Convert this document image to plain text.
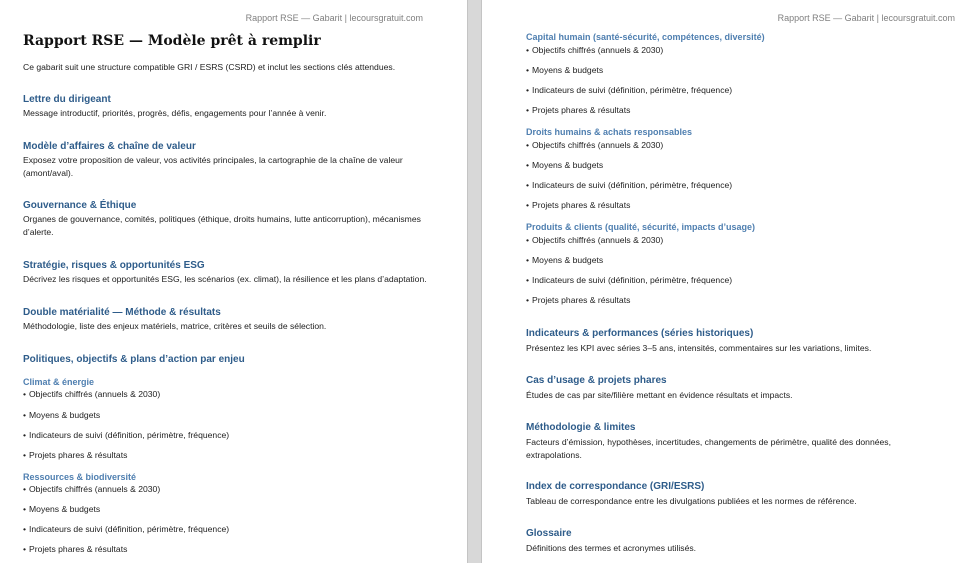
Rapport RSE — Gabarit | lecoursgratuit.com
Rapport RSE — Modèle prêt à remplir
Ce gabarit suit une structure compatible GRI / ESRS (CSRD) et inclut les sections clés attendues.
Lettre du dirigeant
Message introductif, priorités, progrès, défis, engagements pour l’année à venir.
Modèle d’affaires & chaîne de valeur
Exposez votre proposition de valeur, vos activités principales, la cartographie de la chaîne de valeur (amont/aval).
Gouvernance & Éthique
Organes de gouvernance, comités, politiques (éthique, droits humains, lutte anticorruption), mécanismes d’alerte.
Stratégie, risques & opportunités ESG
Décrivez les risques et opportunités ESG, les scénarios (ex. climat), la résilience et les plans d’adaptation.
Double matérialité — Méthode & résultats
Méthodologie, liste des enjeux matériels, matrice, critères et seuils de sélection.
Politiques, objectifs & plans d’action par enjeu
Climat & énergie
• Objectifs chiffrés (annuels & 2030)
• Moyens & budgets
• Indicateurs de suivi (définition, périmètre, fréquence)
• Projets phares & résultats
Ressources & biodiversité
• Objectifs chiffrés (annuels & 2030)
• Moyens & budgets
• Indicateurs de suivi (définition, périmètre, fréquence)
• Projets phares & résultats
Rapport RSE — Gabarit | lecoursgratuit.com
Capital humain (santé-sécurité, compétences, diversité)
• Objectifs chiffrés (annuels & 2030)
• Moyens & budgets
• Indicateurs de suivi (définition, périmètre, fréquence)
• Projets phares & résultats
Droits humains & achats responsables
• Objectifs chiffrés (annuels & 2030)
• Moyens & budgets
• Indicateurs de suivi (définition, périmètre, fréquence)
• Projets phares & résultats
Produits & clients (qualité, sécurité, impacts d’usage)
• Objectifs chiffrés (annuels & 2030)
• Moyens & budgets
• Indicateurs de suivi (définition, périmètre, fréquence)
• Projets phares & résultats
Indicateurs & performances (séries historiques)
Présentez les KPI avec séries 3–5 ans, intensités, commentaires sur les variations, limites.
Cas d’usage & projets phares
Études de cas par site/filière mettant en évidence résultats et impacts.
Méthodologie & limites
Facteurs d’émission, hypothèses, incertitudes, changements de périmètre, qualité des données, extrapolations.
Index de correspondance (GRI/ESRS)
Tableau de correspondance entre les divulgations publiées et les normes de référence.
Glossaire
Définitions des termes et acronymes utilisés.
